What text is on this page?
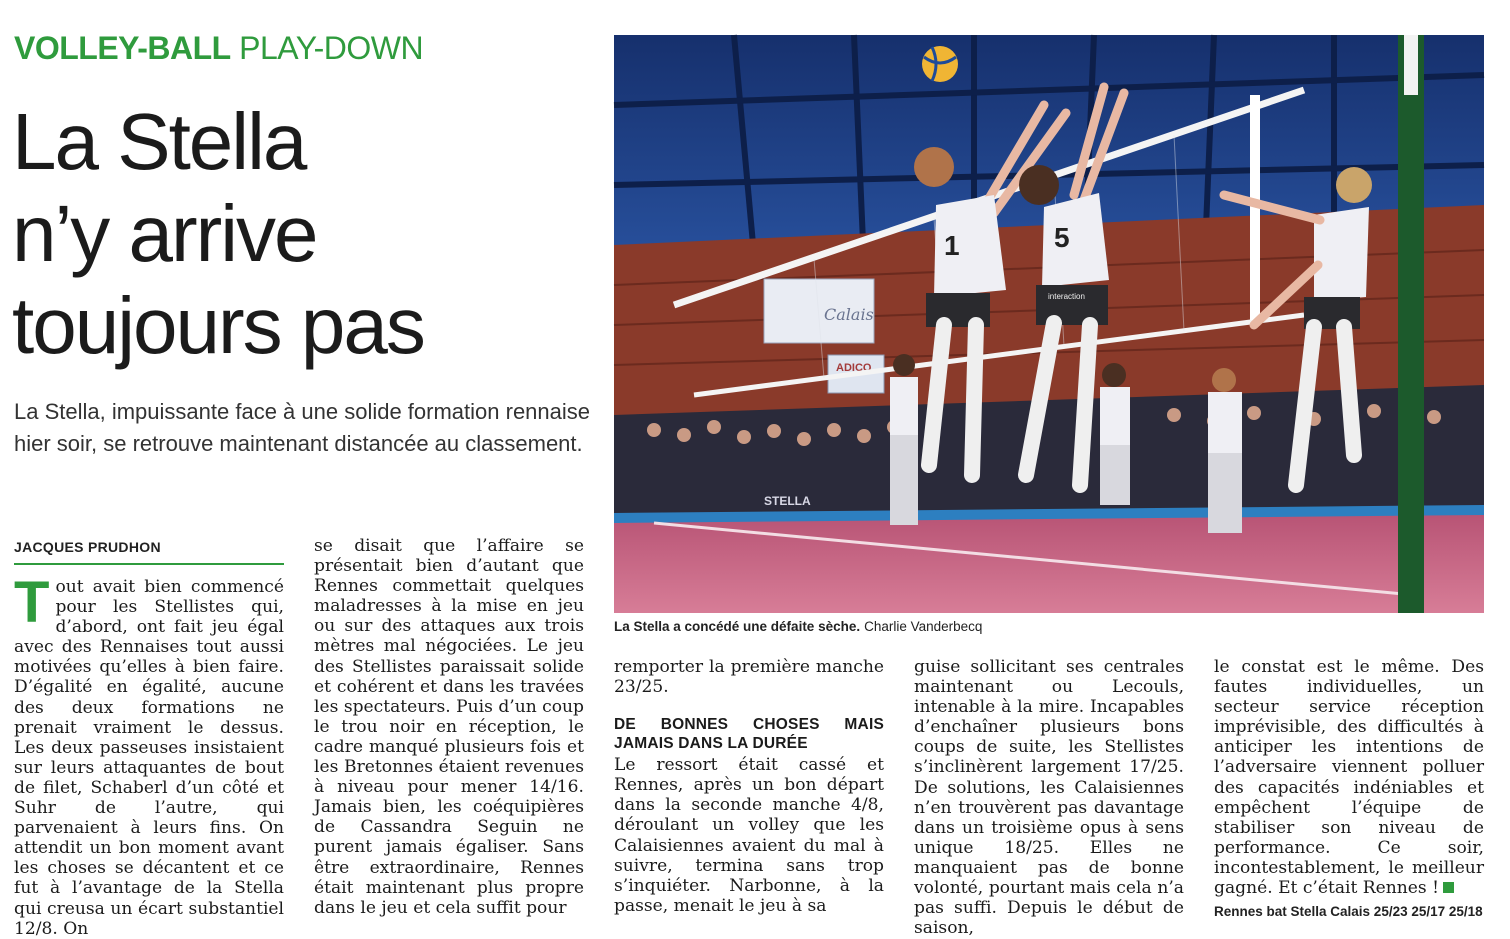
VOLLEY-BALL PLAY-DOWN
La Stella
n’y arrive
toujours pas

La Stella, impuissante face à une solide formation rennaise hier soir, se retrouve maintenant distancée au classement.

JACQUES PRUDHON

Tout avait bien commencé pour les Stellistes qui, d’abord, ont fait jeu égal avec des Rennaises tout aussi motivées qu’elles à bien faire. D’égalité en égalité, aucune des deux formations ne prenait vraiment le dessus. Les deux passeuses insistaient sur leurs attaquantes de bout de filet, Schaberl d’un côté et Suhr de l’autre, qui parvenaient à leurs fins. On attendit un bon moment avant les choses se décantent et ce fut à l’avantage de la Stella qui creusa un écart substantiel 12/8. On

se disait que l’affaire se présentait bien d’autant que Rennes commettait quelques maladresses à la mise en jeu ou sur des attaques aux trois mètres mal négociées. Le jeu des Stellistes paraissait solide et cohérent et dans les travées les spectateurs. Puis d’un coup le trou noir en réception, le cadre manqué plusieurs fois et les Bretonnes étaient revenues à niveau pour mener 14/16. Jamais bien, les coéquipières de Cassandra Seguin ne purent jamais égaliser. Sans être extraordinaire, Rennes était maintenant plus propre dans le jeu et cela suffit pour

remporter la première manche 23/25.

DE BONNES CHOSES MAIS JAMAIS DANS LA DURÉE

Le ressort était cassé et Rennes, après un bon départ dans la seconde manche 4/8, déroulant un volley que les Calaisiennes avaient du mal à suivre, termina sans trop s’inquiéter. Narbonne, à la passe, menait le jeu à sa

guise sollicitant ses centrales maintenant ou Lecouls, intenable à la mire. Incapables d’enchaîner plusieurs bons coups de suite, les Stellistes s’inclinèrent largement 17/25. De solutions, les Calaisiennes n’en trouvèrent pas davantage dans un troisième opus à sens unique 18/25. Elles ne manquaient pas de bonne volonté, pourtant mais cela n’a pas suffi. Depuis le début de saison,

le constat est le même. Des fautes individuelles, un secteur service réception imprévisible, des difficultés à anticiper les intentions de l’adversaire viennent polluer des capacités indéniables et empêchent l’équipe de stabiliser son niveau de performance. Ce soir, incontestablement, le meilleur gagné. Et c’était Rennes !

Rennes bat Stella Calais 25/23 25/17 25/18
Calais
ADICO
STELLA
1	5
interaction
La Stella a concédé une défaite sèche. Charlie Vanderbecq
